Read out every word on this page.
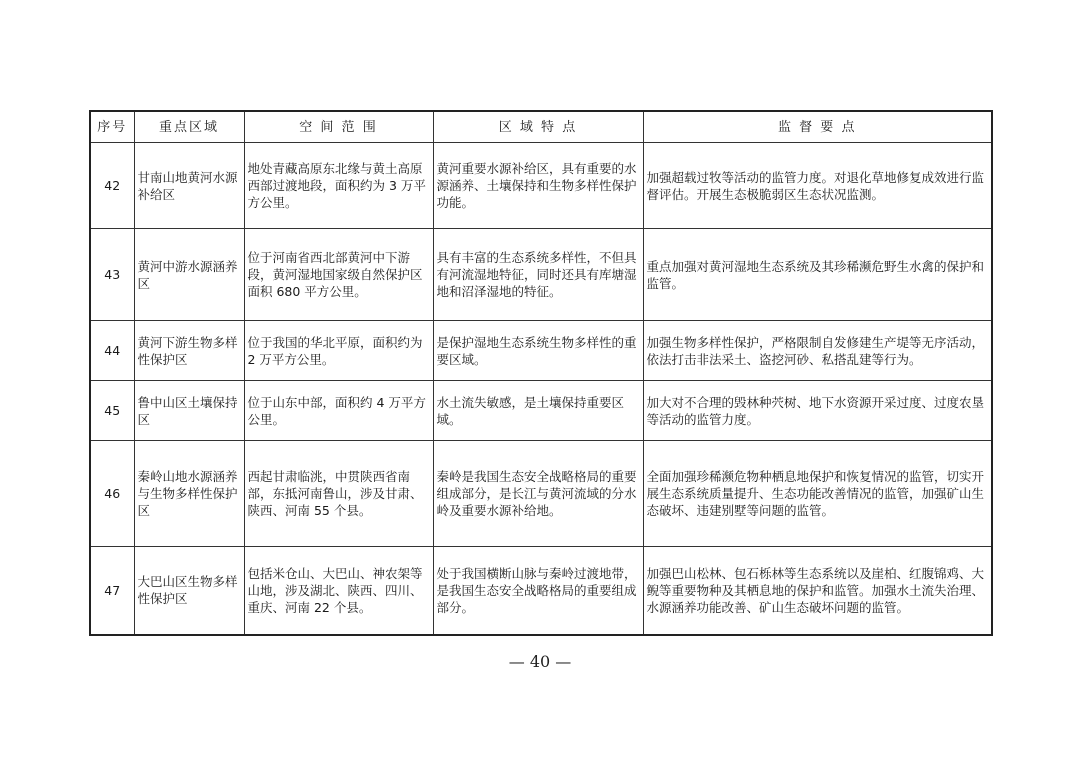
序号	重点区域	空 间 范 围	区 域 特 点	监 督 要 点
42	甘南山地黄河水源补给区	地处青藏高原东北缘与黄土高原西部过渡地段，面积约为 3 万平方公里。	黄河重要水源补给区，具有重要的水源涵养、土壤保持和生物多样性保护功能。	加强超载过牧等活动的监管力度。对退化草地修复成效进行监督评估。开展生态极脆弱区生态状况监测。
43	黄河中游水源涵养区	位于河南省西北部黄河中下游段，黄河湿地国家级自然保护区面积 680 平方公里。	具有丰富的生态系统多样性，不但具有河流湿地特征，同时还具有库塘湿地和沼泽湿地的特征。	重点加强对黄河湿地生态系统及其珍稀濒危野生水禽的保护和监管。
44	黄河下游生物多样性保护区	位于我国的华北平原，面积约为 2 万平方公里。	是保护湿地生态系统生物多样性的重要区域。	加强生物多样性保护，严格限制自发修建生产堤等无序活动，依法打击非法采土、盗挖河砂、私搭乱建等行为。
45	鲁中山区土壤保持区	位于山东中部，面积约 4 万平方公里。	水土流失敏感，是土壤保持重要区域。	加大对不合理的毁林种茓树、地下水资源开采过度、过度农垦等活动的监管力度。
46	秦岭山地水源涵养与生物多样性保护区	西起甘肃临洮，中贯陕西省南部，东抵河南鲁山，涉及甘肃、陕西、河南 55 个县。	秦岭是我国生态安全战略格局的重要组成部分，是长江与黄河流域的分水岭及重要水源补给地。	全面加强珍稀濒危物种栖息地保护和恢复情况的监管，切实开展生态系统质量提升、生态功能改善情况的监管，加强矿山生态破坏、违建别墅等问题的监管。
47	大巴山区生物多样性保护区	包括米仓山、大巴山、神农架等山地，涉及湖北、陕西、四川、重庆、河南 22 个县。	处于我国横断山脉与秦岭过渡地带，是我国生态安全战略格局的重要组成部分。	加强巴山松林、包石栎林等生态系统以及崖柏、红腹锦鸡、大鲵等重要物种及其栖息地的保护和监管。加强水土流失治理、水源涵养功能改善、矿山生态破坏问题的监管。
— 40 —
